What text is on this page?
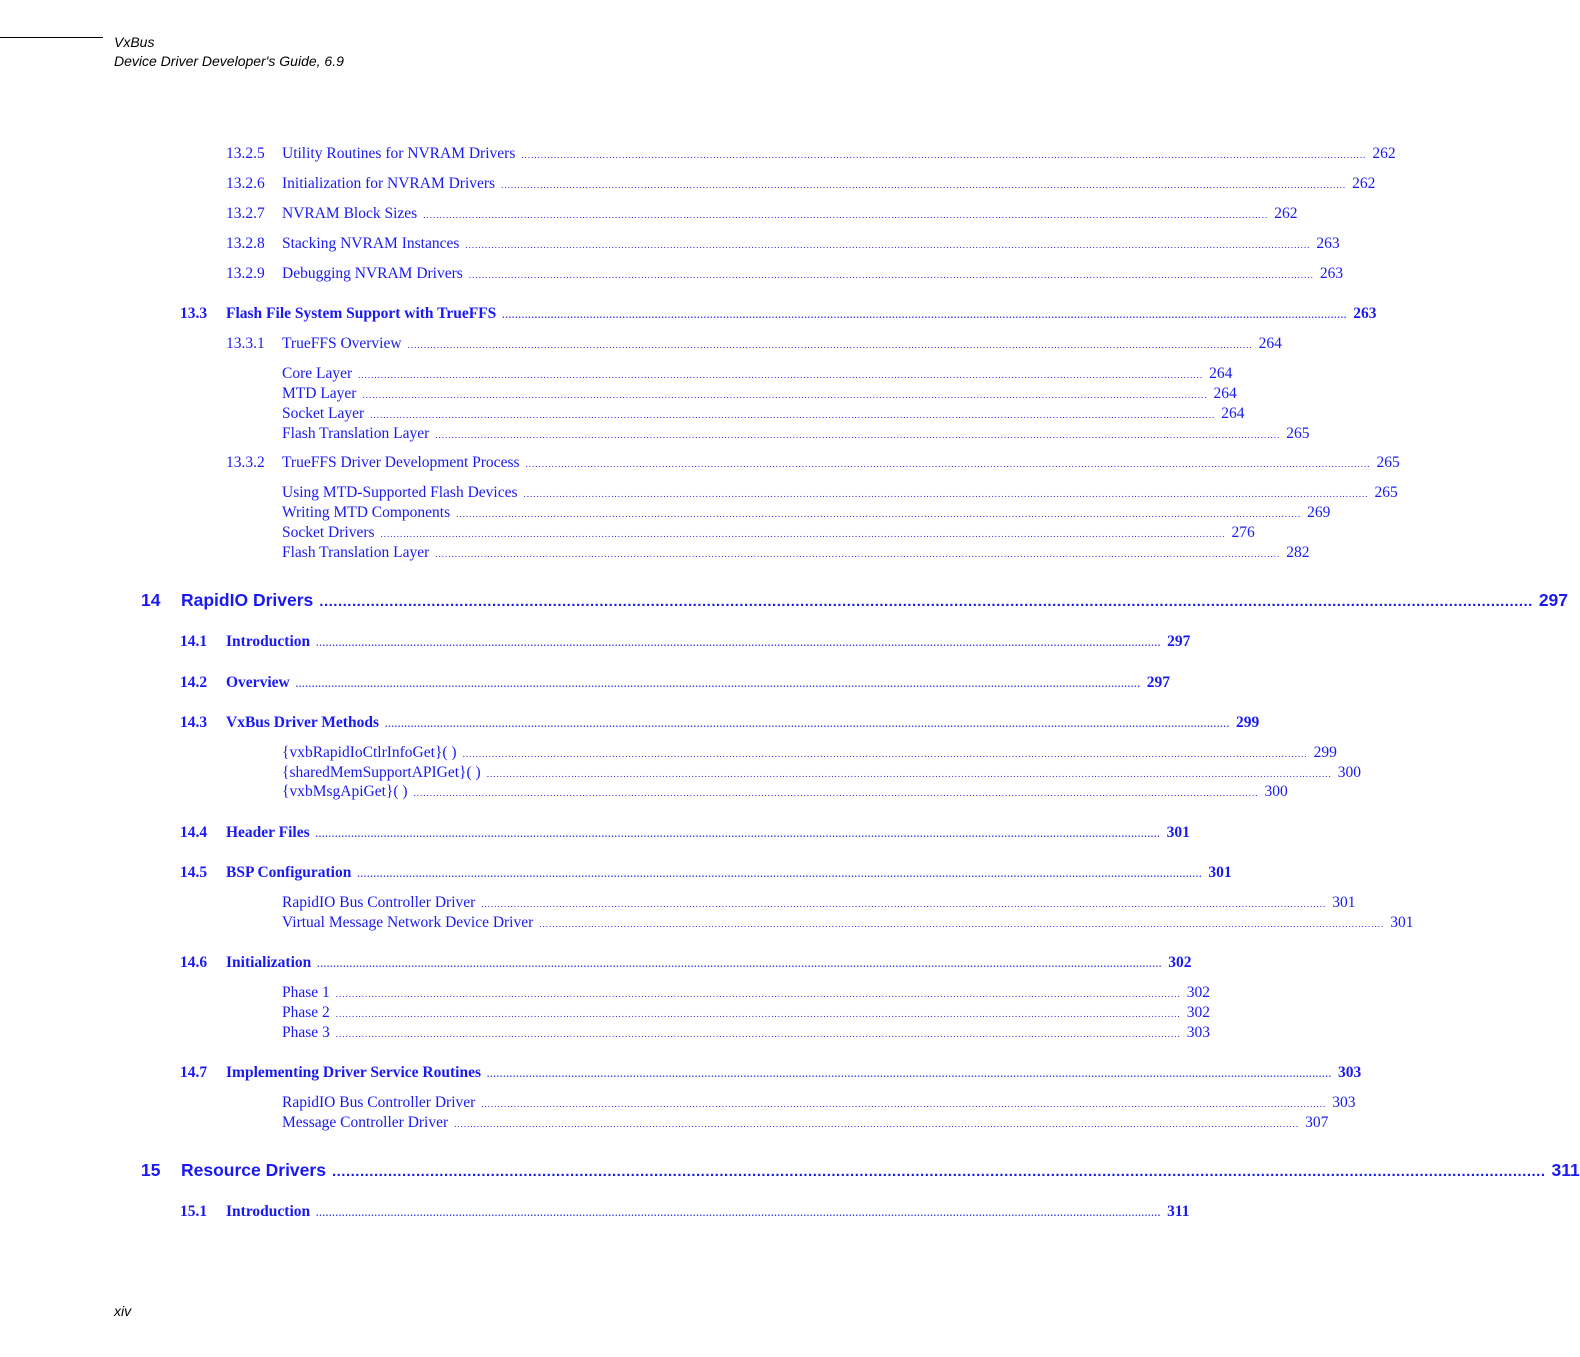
VxBus
Device Driver Developer's Guide, 6.9
13.2.5	Utility Routines for NVRAM Drivers .................................................................................................................................................................................................................................................................... 262
13.2.6	Initialization for NVRAM Drivers .................................................................................................................................................................................................................................................................... 262
13.2.7	NVRAM Block Sizes .................................................................................................................................................................................................................................................................... 262
13.2.8	Stacking NVRAM Instances .................................................................................................................................................................................................................................................................... 263
13.2.9	Debugging NVRAM Drivers .................................................................................................................................................................................................................................................................... 263
13.3	Flash File System Support with TrueFFS .................................................................................................................................................................................................................................................................... 263
13.3.1	TrueFFS Overview .................................................................................................................................................................................................................................................................... 264
Core Layer .................................................................................................................................................................................................................................................................... 264
MTD Layer .................................................................................................................................................................................................................................................................... 264
Socket Layer .................................................................................................................................................................................................................................................................... 264
Flash Translation Layer .................................................................................................................................................................................................................................................................... 265
13.3.2	TrueFFS Driver Development Process .................................................................................................................................................................................................................................................................... 265
Using MTD-Supported Flash Devices .................................................................................................................................................................................................................................................................... 265
Writing MTD Components .................................................................................................................................................................................................................................................................... 269
Socket Drivers .................................................................................................................................................................................................................................................................... 276
Flash Translation Layer .................................................................................................................................................................................................................................................................... 282
14	RapidIO Drivers .................................................................................................................................................................................................................................................................... 297
14.1	Introduction .................................................................................................................................................................................................................................................................... 297
14.2	Overview .................................................................................................................................................................................................................................................................... 297
14.3	VxBus Driver Methods .................................................................................................................................................................................................................................................................... 299
{vxbRapidIoCtlrInfoGet}( ) .................................................................................................................................................................................................................................................................... 299
{sharedMemSupportAPIGet}( ) .................................................................................................................................................................................................................................................................... 300
{vxbMsgApiGet}( ) .................................................................................................................................................................................................................................................................... 300
14.4	Header Files .................................................................................................................................................................................................................................................................... 301
14.5	BSP Configuration .................................................................................................................................................................................................................................................................... 301
RapidIO Bus Controller Driver .................................................................................................................................................................................................................................................................... 301
Virtual Message Network Device Driver .................................................................................................................................................................................................................................................................... 301
14.6	Initialization .................................................................................................................................................................................................................................................................... 302
Phase 1 .................................................................................................................................................................................................................................................................... 302
Phase 2 .................................................................................................................................................................................................................................................................... 302
Phase 3 .................................................................................................................................................................................................................................................................... 303
14.7	Implementing Driver Service Routines .................................................................................................................................................................................................................................................................... 303
RapidIO Bus Controller Driver .................................................................................................................................................................................................................................................................... 303
Message Controller Driver .................................................................................................................................................................................................................................................................... 307
15	Resource Drivers .................................................................................................................................................................................................................................................................... 311
15.1	Introduction .................................................................................................................................................................................................................................................................... 311
xiv
